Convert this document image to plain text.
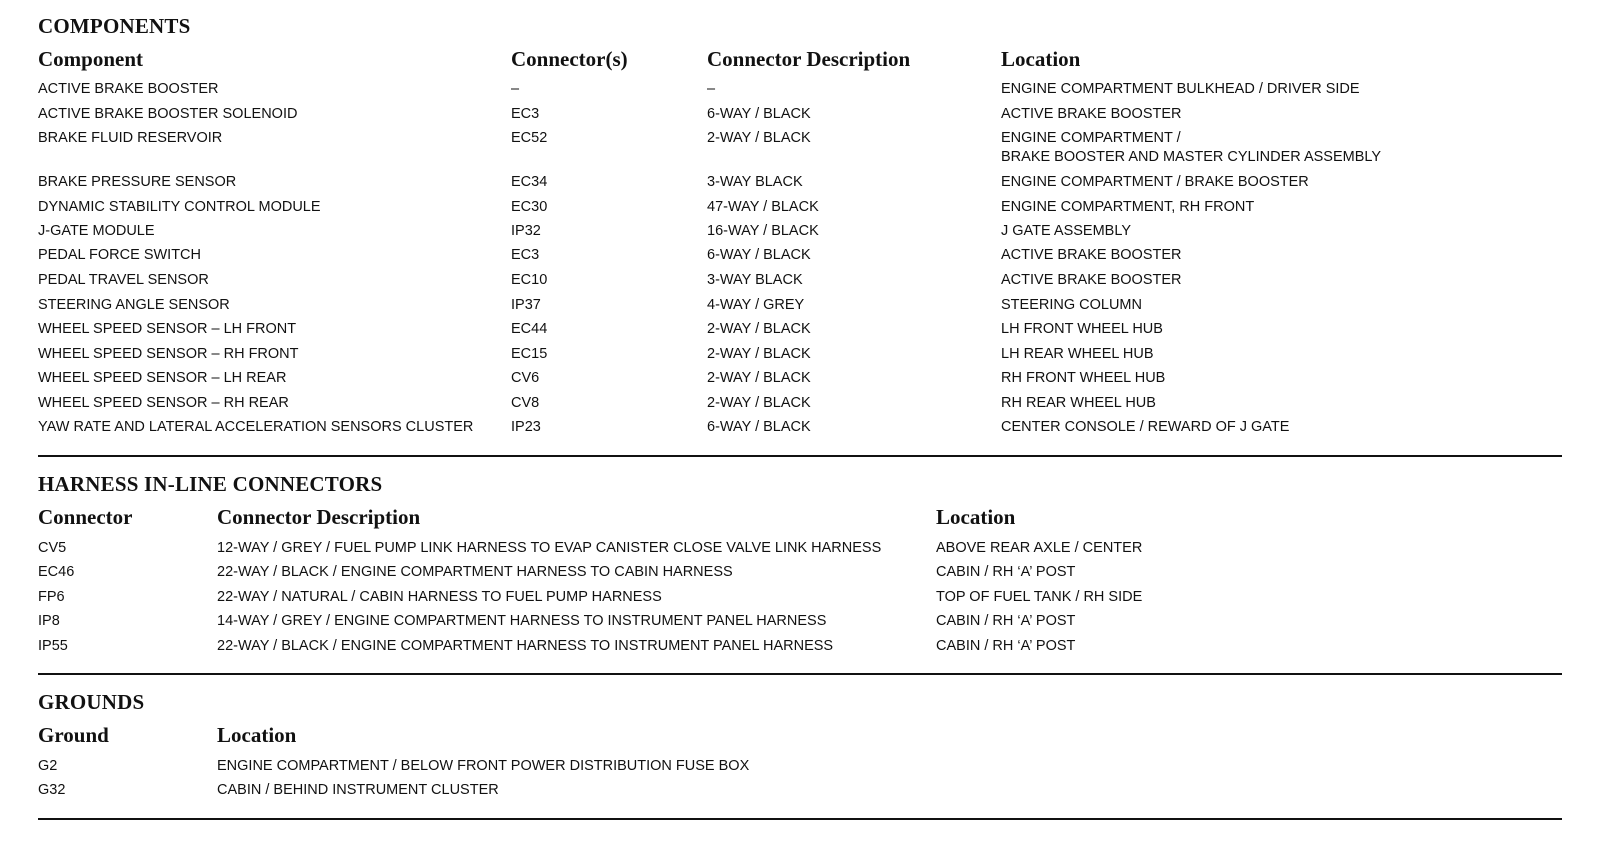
COMPONENTS
Component	Connector(s)	Connector Description	Location
ACTIVE BRAKE BOOSTER	–	–	ENGINE COMPARTMENT BULKHEAD / DRIVER SIDE
ACTIVE BRAKE BOOSTER SOLENOID	EC3	6-WAY / BLACK	ACTIVE BRAKE BOOSTER
BRAKE FLUID RESERVOIR	EC52	2-WAY / BLACK	ENGINE COMPARTMENT /
BRAKE BOOSTER AND MASTER CYLINDER ASSEMBLY
BRAKE PRESSURE SENSOR	EC34	3-WAY BLACK	ENGINE COMPARTMENT / BRAKE BOOSTER
DYNAMIC STABILITY CONTROL MODULE	EC30	47-WAY / BLACK	ENGINE COMPARTMENT, RH FRONT
J-GATE MODULE	IP32	16-WAY / BLACK	J GATE ASSEMBLY
PEDAL FORCE SWITCH	EC3	6-WAY / BLACK	ACTIVE BRAKE BOOSTER
PEDAL TRAVEL SENSOR	EC10	3-WAY BLACK	ACTIVE BRAKE BOOSTER
STEERING ANGLE SENSOR	IP37	4-WAY / GREY	STEERING COLUMN
WHEEL SPEED SENSOR – LH FRONT	EC44	2-WAY / BLACK	LH FRONT WHEEL HUB
WHEEL SPEED SENSOR – RH FRONT	EC15	2-WAY / BLACK	LH REAR WHEEL HUB
WHEEL SPEED SENSOR – LH REAR	CV6	2-WAY / BLACK	RH FRONT WHEEL HUB
WHEEL SPEED SENSOR – RH REAR	CV8	2-WAY / BLACK	RH REAR WHEEL HUB
YAW RATE AND LATERAL ACCELERATION SENSORS CLUSTER	IP23	6-WAY / BLACK	CENTER CONSOLE / REWARD OF J GATE
HARNESS IN-LINE CONNECTORS
Connector	Connector Description	Location
CV5	12-WAY / GREY / FUEL PUMP LINK HARNESS TO EVAP CANISTER CLOSE VALVE LINK HARNESS	ABOVE REAR AXLE / CENTER
EC46	22-WAY / BLACK / ENGINE COMPARTMENT HARNESS TO CABIN HARNESS	CABIN / RH ‘A’ POST
FP6	22-WAY / NATURAL / CABIN HARNESS TO FUEL PUMP HARNESS	TOP OF FUEL TANK / RH SIDE
IP8	14-WAY / GREY / ENGINE COMPARTMENT HARNESS TO INSTRUMENT PANEL HARNESS	CABIN / RH ‘A’ POST
IP55	22-WAY / BLACK / ENGINE COMPARTMENT HARNESS TO INSTRUMENT PANEL HARNESS	CABIN / RH ‘A’ POST
GROUNDS
Ground	Location
G2	ENGINE COMPARTMENT / BELOW FRONT POWER DISTRIBUTION FUSE BOX
G32	CABIN / BEHIND INSTRUMENT CLUSTER
